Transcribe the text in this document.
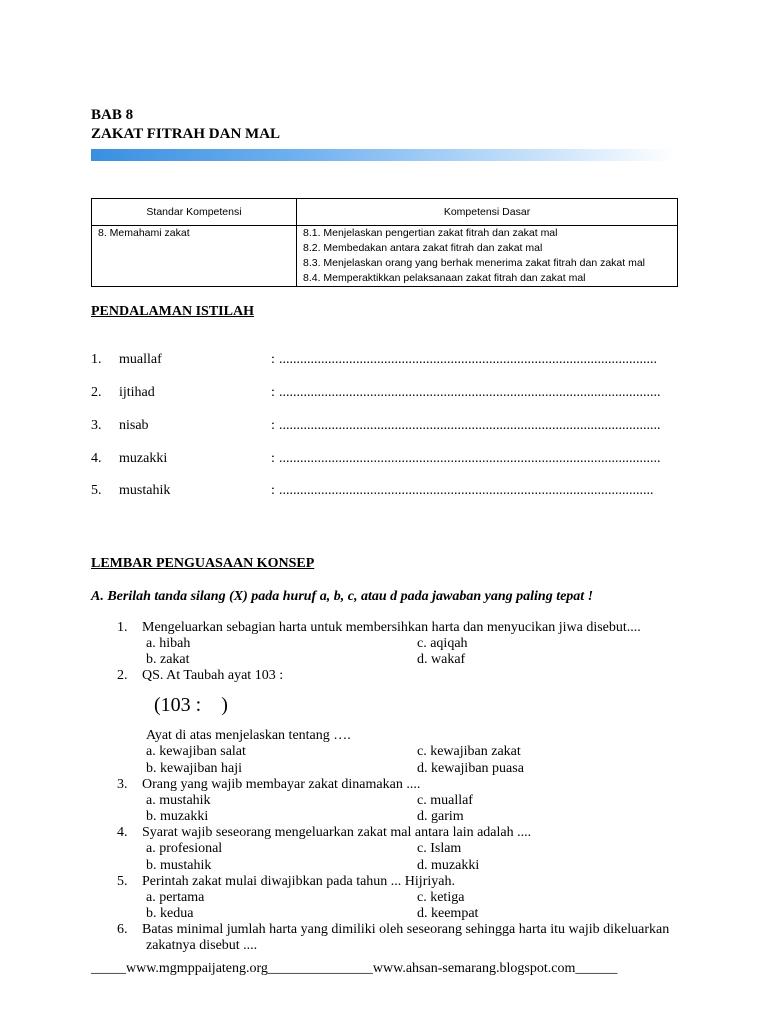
BAB 8
ZAKAT FITRAH DAN MAL
Standar Kompetensi	Kompetensi Dasar

8. Memahami zakat	8.1. Menjelaskan pengertian zakat fitrah dan zakat mal
8.2. Membedakan antara zakat fitrah dan zakat mal
8.3. Menjelaskan orang yang berhak menerima zakat fitrah dan zakat mal
8.4. Memperaktikkan pelaksanaan zakat fitrah dan zakat mal
PENDALAMAN ISTILAH
1. muallaf	: ............................................................................................................
2. ijtihad	: .............................................................................................................
3. nisab	: .............................................................................................................
4. muzakki	: .............................................................................................................
5. mustahik	: ...........................................................................................................
LEMBAR PENGUASAAN KONSEP
A. Berilah tanda silang (X) pada huruf a, b, c, atau d pada jawaban yang paling tepat !
1. Mengeluarkan sebagian harta untuk membersihkan harta dan menyucikan jiwa disebut....
a. hibah	c. aqiqah
b. zakat	d. wakaf
2. QS. At Taubah ayat 103 :
(103 :    )
Ayat di atas menjelaskan tentang ….
a. kewajiban salat	c. kewajiban zakat
b. kewajiban haji	d. kewajiban puasa
3. Orang yang wajib membayar zakat dinamakan ....
a. mustahik	c. muallaf
b. muzakki	d. garim
4. Syarat wajib seseorang mengeluarkan zakat mal antara lain adalah ....
a. profesional	c. Islam
b. mustahik	d. muzakki
5. Perintah zakat mulai diwajibkan pada tahun ... Hijriyah.
a. pertama	c. ketiga
b. kedua	d. keempat
6. Batas minimal jumlah harta yang dimiliki oleh seseorang sehingga harta itu wajib dikeluarkan
zakatnya disebut ....
_____www.mgmppaijateng.org_______________www.ahsan-semarang.blogspot.com______
